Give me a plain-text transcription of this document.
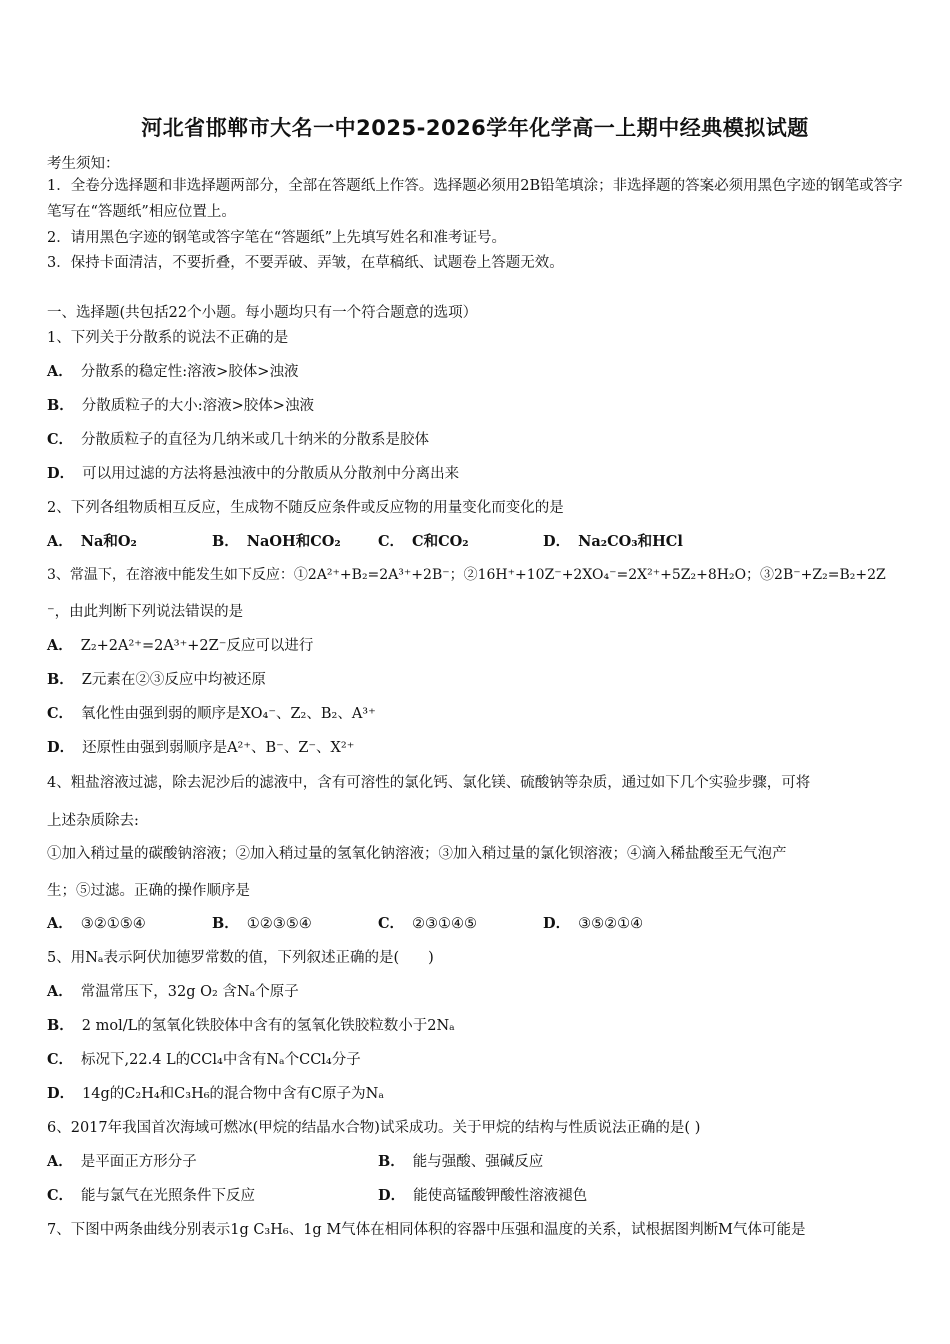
河北省邯郸市大名一中2025-2026学年化学高一上期中经典模拟试题
考生须知：
1．全卷分选择题和非选择题两部分，全部在答题纸上作答。选择题必须用2B铅笔填涂；非选择题的答案必须用黑色字迹的钢笔或答字笔写在“答题纸”相应位置上。
2．请用黑色字迹的钢笔或答字笔在“答题纸”上先填写姓名和准考证号。
3．保持卡面清洁，不要折叠，不要弄破、弄皱，在草稿纸、试题卷上答题无效。
一、选择题(共包括22个小题。每小题均只有一个符合题意的选项）
1、下列关于分散系的说法不正确的是
A． 分散系的稳定性:溶液>胶体>浊液
B． 分散质粒子的大小:溶液>胶体>浊液
C． 分散质粒子的直径为几纳米或几十纳米的分散系是胶体
D． 可以用过滤的方法将悬浊液中的分散质从分散剂中分离出来
2、下列各组物质相互反应，生成物不随反应条件或反应物的用量变化而变化的是
A． Na和O₂	B． NaOH和CO₂	C． C和CO₂	D． Na₂CO₃和HCl
3、常温下，在溶液中能发生如下反应：①2A²⁺+B₂=2A³⁺+2B⁻；②16H⁺+10Z⁻+2XO₄⁻=2X²⁺+5Z₂+8H₂O；③2B⁻+Z₂=B₂+2Z
⁻，由此判断下列说法错误的是
A． Z₂+2A²⁺=2A³⁺+2Z⁻反应可以进行
B． Z元素在②③反应中均被还原
C． 氧化性由强到弱的顺序是XO₄⁻、Z₂、B₂、A³⁺
D． 还原性由强到弱顺序是A²⁺、B⁻、Z⁻、X²⁺
4、粗盐溶液过滤，除去泥沙后的滤液中，含有可溶性的氯化钙、氯化镁、硫酸钠等杂质，通过如下几个实验步骤，可将
上述杂质除去:
①加入稍过量的碳酸钠溶液；②加入稍过量的氢氧化钠溶液；③加入稍过量的氯化钡溶液；④滴入稀盐酸至无气泡产
生；⑤过滤。正确的操作顺序是
A． ③②①⑤④	B． ①②③⑤④	C． ②③①④⑤	D． ③⑤②①④
5、用Nₐ表示阿伏加德罗常数的值，下列叙述正确的是(　　)
A． 常温常压下，32g O₂ 含Nₐ个原子
B． 2 mol/L的氢氧化铁胶体中含有的氢氧化铁胶粒数小于2Nₐ
C． 标况下,22.4 L的CCl₄中含有Nₐ个CCl₄分子
D． 14g的C₂H₄和C₃H₆的混合物中含有C原子为Nₐ
6、2017年我国首次海域可燃冰(甲烷的结晶水合物)试采成功。关于甲烷的结构与性质说法正确的是( )
A． 是平面正方形分子	B． 能与强酸、强碱反应
C． 能与氯气在光照条件下反应	D． 能使高锰酸钾酸性溶液褪色
7、下图中两条曲线分别表示1g C₃H₆、1g M气体在相同体积的容器中压强和温度的关系，试根据图判断M气体可能是
